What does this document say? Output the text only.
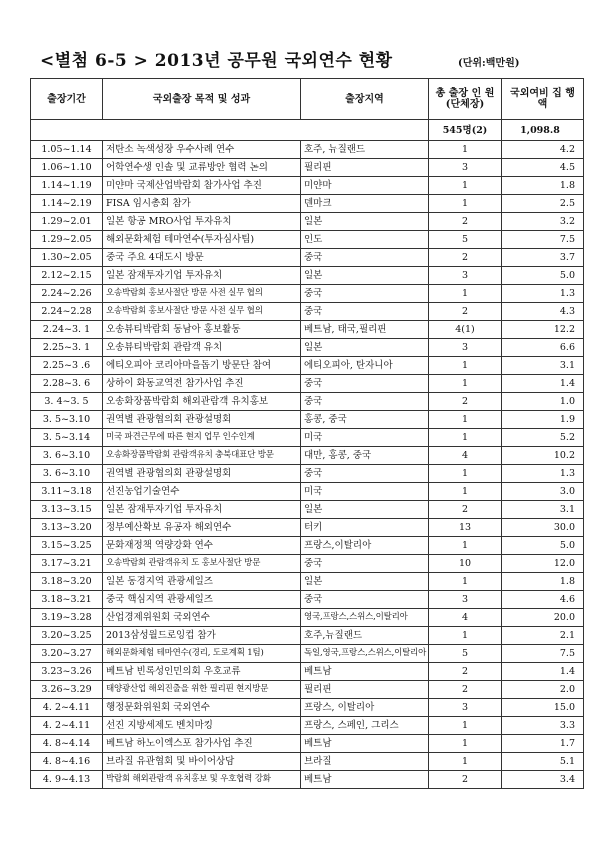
<별첨 6-5 > 2013년 공무원 국외연수 현황	(단위:백만원)
출장기간	국외출장 목적 및 성과	출장지역	총 출장 인 원 (단체장)	국외여비 집 행 액
			545명(2)	1,098.8
1.05~1.14	저탄소 녹색성장 우수사례 연수	호주, 뉴질랜드	1	4.2
1.06~1.10	어학연수생 인솔 및 교류방안 협력 논의	필리핀	3	4.5
1.14~1.19	미얀마 국제산업박람회 참가사업 추진	미얀마	1	1.8
1.14~2.19	FISA 임시총회 참가	덴마크	1	2.5
1.29~2.01	일본 항공 MRO사업 투자유치	일본	2	3.2
1.29~2.05	해외문화체험 테마연수(투자심사팀)	인도	5	7.5
1.30~2.05	중국 주요 4대도시 방문	중국	2	3.7
2.12~2.15	일본 잠재투자기업 투자유치	일본	3	5.0
2.24~2.26	오송박람회 홍보사절단 방문 사전 실무 협의	중국	1	1.3
2.24~2.28	오송박람회 홍보사절단 방문 사전 실무 협의	중국	2	4.3
2.24~3. 1	오송뷰티박람회 동남아 홍보활동	베트남, 태국,필리핀	4(1)	12.2
2.25~3. 1	오송뷰티박람회 관람객 유치	일본	3	6.6
2.25~3 .6	에티오피아 코리아마을돕기 방문단 참여	에티오피아, 탄자니아	1	3.1
2.28~3. 6	상하이 화동교역전 참가사업 추진	중국	1	1.4
3. 4~3. 5	오송화장품박람회 해외관람객 유치홍보	중국	2	1.0
3. 5~3.10	권역별 관광협의회 관광설명회	홍콩, 중국	1	1.9
3. 5~3.14	미국 파견근무에 따른 현지 업무 인수인계	미국	1	5.2
3. 6~3.10	오송화장품박람회 관람객유치 충북대표단 방문	대만, 홍콩, 중국	4	10.2
3. 6~3.10	권역별 관광협의회 관광설명회	중국	1	1.3
3.11~3.18	선진농업기술연수	미국	1	3.0
3.13~3.15	일본 잠재투자기업 투자유치	일본	2	3.1
3.13~3.20	정부예산확보 유공자 해외연수	터키	13	30.0
3.15~3.25	문화재정책 역량강화 연수	프랑스,이탈리아	1	5.0
3.17~3.21	오송박람회 관람객유치 도 홍보사절단 방문	중국	10	12.0
3.18~3.20	일본 동경지역 관광세일즈	일본	1	1.8
3.18~3.21	중국 핵심지역 관광세일즈	중국	3	4.6
3.19~3.28	산업경제위원회 국외연수	영국,프랑스,스위스,이탈리아	4	20.0
3.20~3.25	2013삼성월드로잉컵 참가	호주,뉴질랜드	1	2.1
3.20~3.27	해외문화체험 테마연수(경리, 도로계획 1팀)	독일,영국,프랑스,스위스,이탈리아	5	7.5
3.23~3.26	베트남 빈록성인민의회 우호교류	베트남	2	1.4
3.26~3.29	태양광산업 해외진출을 위한 필리핀 현지방문	필리핀	2	2.0
4. 2~4.11	행정문화위원회 국외연수	프랑스, 이탈리아	3	15.0
4. 2~4.11	선진 지방세제도 벤치마킹	프랑스, 스페인, 그리스	1	3.3
4. 8~4.14	베트남 하노이엑스포 참가사업 추진	베트남	1	1.7
4. 8~4.16	브라질 유관협회 및 바이어상담	브라질	1	5.1
4. 9~4.13	박람회 해외관람객 유치홍보 및 우호협력 강화	베트남	2	3.4
